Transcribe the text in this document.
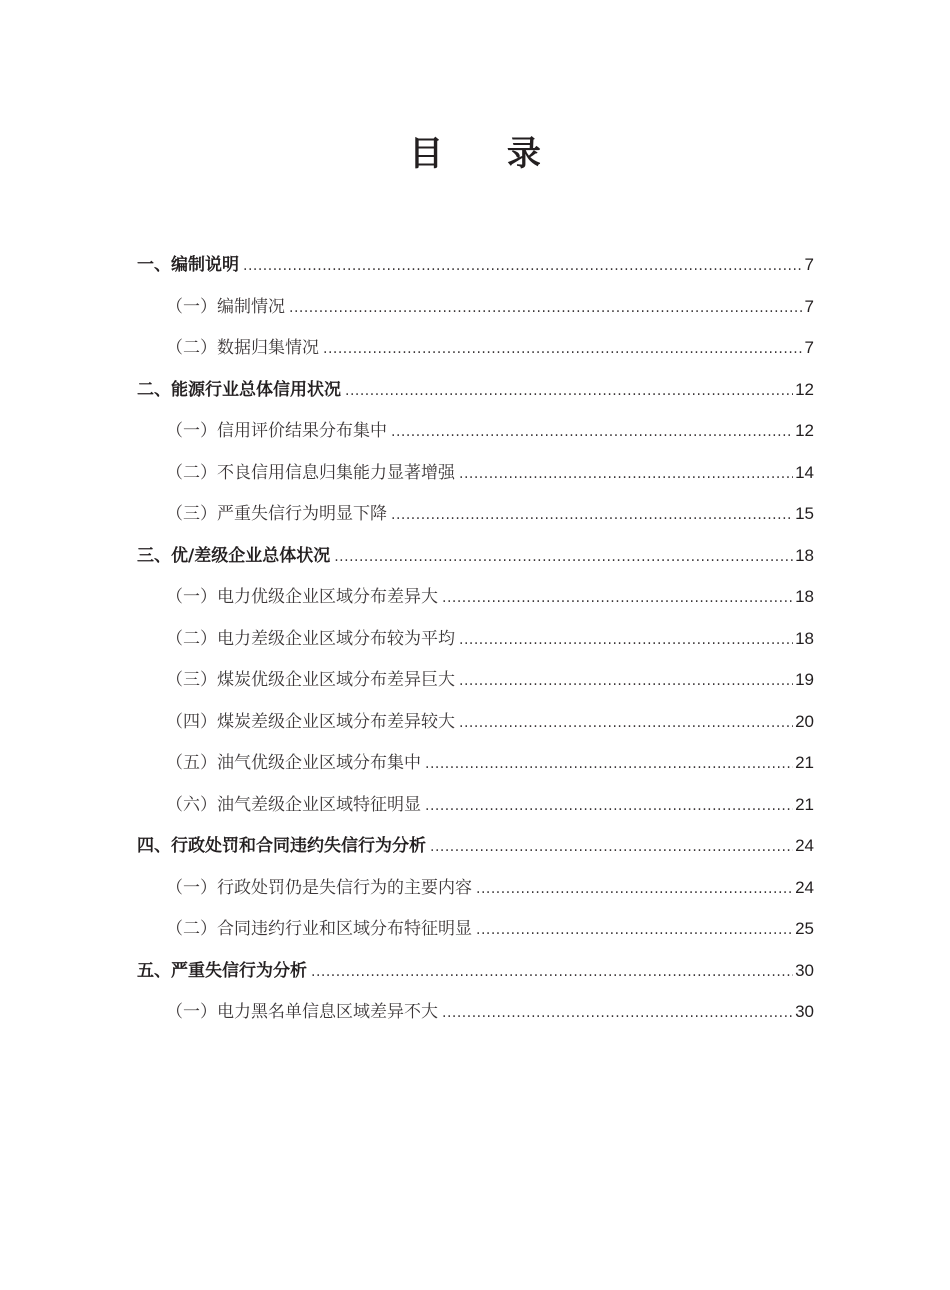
目 录
一、编制说明 .....	7
（一）编制情况 .....	7
（二）数据归集情况 .....	7
二、能源行业总体信用状况 .....	12
（一）信用评价结果分布集中 .....	12
（二）不良信用信息归集能力显著增强 .....	14
（三）严重失信行为明显下降 .....	15
三、优/差级企业总体状况 .....	18
（一）电力优级企业区域分布差异大 .....	18
（二）电力差级企业区域分布较为平均 .....	18
（三）煤炭优级企业区域分布差异巨大 .....	19
（四）煤炭差级企业区域分布差异较大 .....	20
（五）油气优级企业区域分布集中 .....	21
（六）油气差级企业区域特征明显 .....	21
四、行政处罚和合同违约失信行为分析 .....	24
（一）行政处罚仍是失信行为的主要内容 .....	24
（二）合同违约行业和区域分布特征明显 .....	25
五、严重失信行为分析 .....	30
（一）电力黑名单信息区域差异不大 .....	30
